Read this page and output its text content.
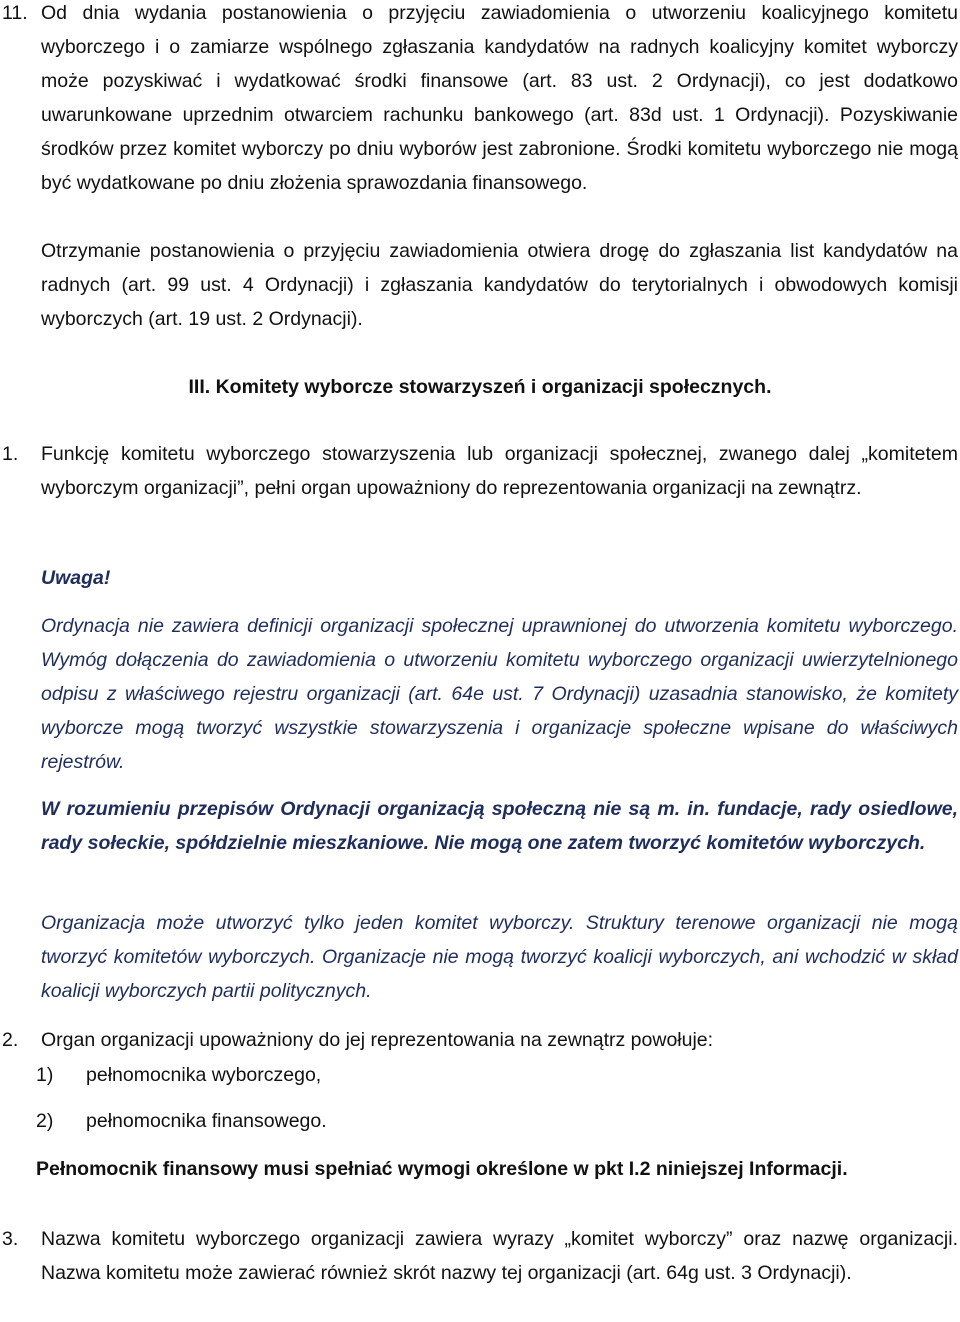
11. Od dnia wydania postanowienia o przyjęciu zawiadomienia o utworzeniu koalicyjnego komitetu wyborczego i o zamiarze wspólnego zgłaszania kandydatów na radnych koalicyjny komitet wyborczy może pozyskiwać i wydatkować środki finansowe (art. 83 ust. 2 Ordynacji), co jest dodatkowo uwarunkowane uprzednim otwarciem rachunku bankowego (art. 83d ust. 1 Ordynacji). Pozyskiwanie środków przez komitet wyborczy po dniu wyborów jest zabronione. Środki komitetu wyborczego nie mogą być wydatkowane po dniu złożenia sprawozdania finansowego.
Otrzymanie postanowienia o przyjęciu zawiadomienia otwiera drogę do zgłaszania list kandydatów na radnych (art. 99 ust. 4 Ordynacji) i zgłaszania kandydatów do terytorialnych i obwodowych komisji wyborczych (art. 19 ust. 2 Ordynacji).
III. Komitety wyborcze stowarzyszeń i organizacji społecznych.
1. Funkcję komitetu wyborczego stowarzyszenia lub organizacji społecznej, zwanego dalej „komitetem wyborczym organizacji”, pełni organ upoważniony do reprezentowania organizacji na zewnątrz.
Uwaga!
Ordynacja nie zawiera definicji organizacji społecznej uprawnionej do utworzenia komitetu wyborczego. Wymóg dołączenia do zawiadomienia o utworzeniu komitetu wyborczego organizacji uwierzytelnionego odpisu z właściwego rejestru organizacji (art. 64e ust. 7 Ordynacji) uzasadnia stanowisko, że komitety wyborcze mogą tworzyć wszystkie stowarzyszenia i organizacje społeczne wpisane do właściwych rejestrów.
W rozumieniu przepisów Ordynacji organizacją społeczną nie są m. in. fundacje, rady osiedlowe, rady sołeckie, spółdzielnie mieszkaniowe. Nie mogą one zatem tworzyć komitetów wyborczych.
Organizacja może utworzyć tylko jeden komitet wyborczy. Struktury terenowe organizacji nie mogą tworzyć komitetów wyborczych. Organizacje nie mogą tworzyć koalicji wyborczych, ani wchodzić w skład koalicji wyborczych partii politycznych.
2. Organ organizacji upoważniony do jej reprezentowania na zewnątrz powołuje:
1) pełnomocnika wyborczego,
2) pełnomocnika finansowego.
Pełnomocnik finansowy musi spełniać wymogi określone w pkt I.2 niniejszej Informacji.
3. Nazwa komitetu wyborczego organizacji zawiera wyrazy „komitet wyborczy” oraz nazwę organizacji. Nazwa komitetu może zawierać również skrót nazwy tej organizacji (art. 64g ust. 3 Ordynacji).
